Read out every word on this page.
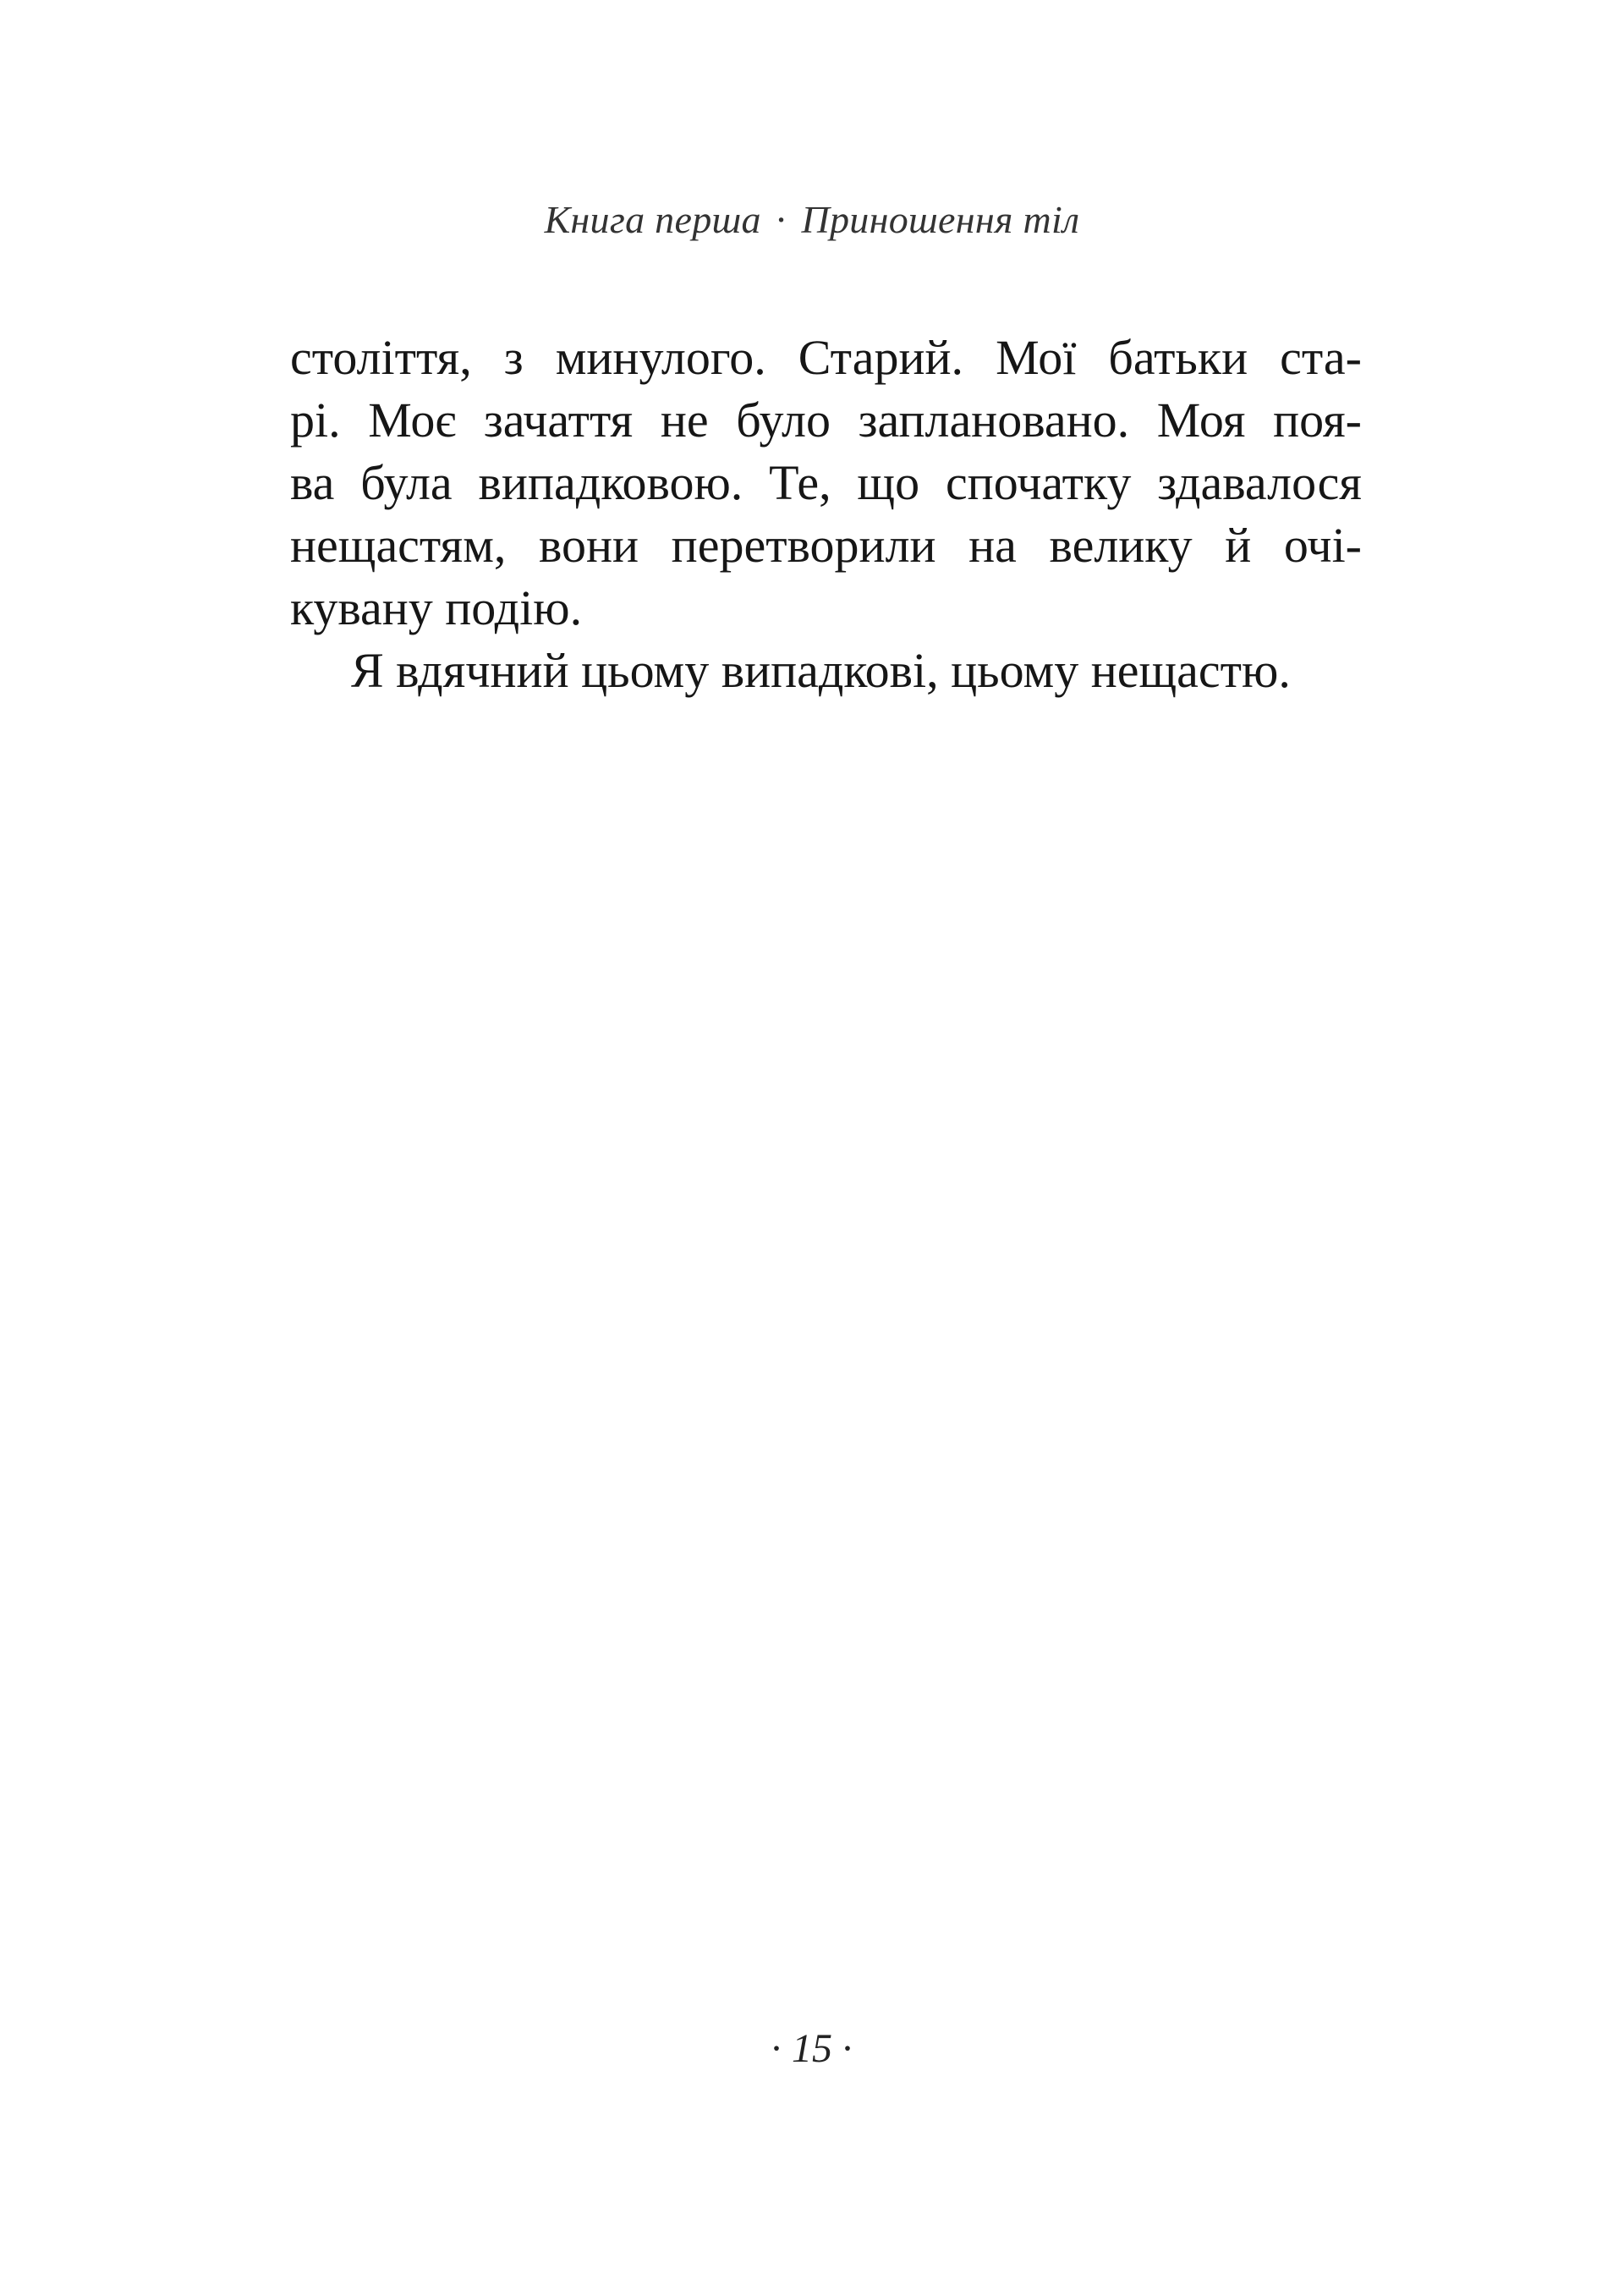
Книга перша · Приношення тіл

століття, з минулого. Старий. Мої батьки ста-
рі. Моє зачаття не було заплановано. Моя поя-
ва була випадковою. Те, що спочатку здавалося
нещастям, вони перетворили на велику й очі-
кувану подію.

Я вдячний цьому випадкові, цьому нещастю.

· 15 ·
